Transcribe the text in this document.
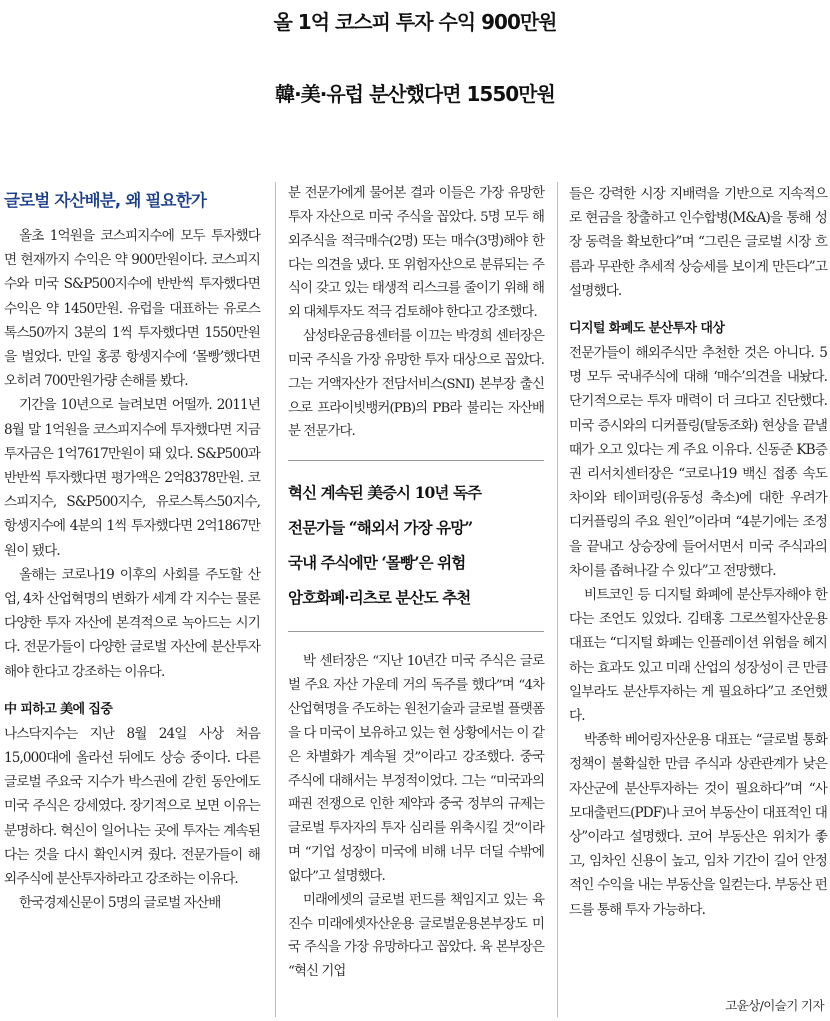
올 1억 코스피 투자 수익 900만원
韓·美·유럽 분산했다면 1550만원
글로벌 자산배분, 왜 필요한가

올초 1억원을 코스피지수에 모두 투자했다면 현재까지 수익은 약 900만원이다. 코스피지수와 미국 S&P500지수에 반반씩 투자했다면 수익은 약 1450만원. 유럽을 대표하는 유로스톡스50까지 3분의 1씩 투자했다면 1550만원을 벌었다. 만일 홍콩 항셍지수에 ‘몰빵’했다면 오히려 700만원가량 손해를 봤다.

기간을 10년으로 늘려보면 어떨까. 2011년 8월 말 1억원을 코스피지수에 투자했다면 지금 투자금은 1억7617만원이 돼 있다. S&P500과 반반씩 투자했다면 평가액은 2억8378만원. 코스피지수, S&P500지수, 유로스톡스50지수, 항셍지수에 4분의 1씩 투자했다면 2억1867만원이 됐다.

올해는 코로나19 이후의 사회를 주도할 산업, 4차 산업혁명의 변화가 세계 각 지수는 물론 다양한 투자 자산에 본격적으로 녹아드는 시기다. 전문가들이 다양한 글로벌 자산에 분산투자해야 한다고 강조하는 이유다.

中 피하고 美에 집중

나스닥지수는 지난 8월 24일 사상 처음 15,000대에 올라선 뒤에도 상승 중이다. 다른 글로벌 주요국 지수가 박스권에 갇힌 동안에도 미국 주식은 강세였다. 장기적으로 보면 이유는 분명하다. 혁신이 일어나는 곳에 투자는 계속된다는 것을 다시 확인시켜 줬다. 전문가들이 해외주식에 분산투자하라고 강조하는 이유다.

한국경제신문이 5명의 글로벌 자산배

분 전문가에게 물어본 결과 이들은 가장 유망한 투자 자산으로 미국 주식을 꼽았다. 5명 모두 해외주식을 적극매수(2명) 또는 매수(3명)해야 한다는 의견을 냈다. 또 위험자산으로 분류되는 주식이 갖고 있는 태생적 리스크를 줄이기 위해 해외 대체투자도 적극 검토해야 한다고 강조했다.

삼성타운금융센터를 이끄는 박경희 센터장은 미국 주식을 가장 유망한 투자 대상으로 꼽았다. 그는 거액자산가 전담서비스(SNI) 본부장 출신으로 프라이빗뱅커(PB)의 PB라 불리는 자산배분 전문가다.

혁신 계속된 美증시 10년 독주
전문가들 “해외서 가장 유망”
국내 주식에만 ‘몰빵’은 위험
암호화폐·리츠로 분산도 추천

박 센터장은 “지난 10년간 미국 주식은 글로벌 주요 자산 가운데 거의 독주를 했다”며 “4차 산업혁명을 주도하는 원천기술과 글로벌 플랫폼을 다 미국이 보유하고 있는 현 상황에서는 이 같은 차별화가 계속될 것”이라고 강조했다. 중국 주식에 대해서는 부정적이었다. 그는 “미국과의 패권 전쟁으로 인한 제약과 중국 정부의 규제는 글로벌 투자자의 투자 심리를 위축시킬 것”이라며 “기업 성장이 미국에 비해 너무 더딜 수밖에 없다”고 설명했다.

미래에셋의 글로벌 펀드를 책임지고 있는 육진수 미래에셋자산운용 글로벌운용본부장도 미국 주식을 가장 유망하다고 꼽았다. 육 본부장은 “혁신 기업

들은 강력한 시장 지배력을 기반으로 지속적으로 현금을 창출하고 인수합병(M&A)을 통해 성장 동력을 확보한다”며 “그린은 글로벌 시장 흐름과 무관한 추세적 상승세를 보이게 만든다”고 설명했다.

디지털 화폐도 분산투자 대상

전문가들이 해외주식만 추천한 것은 아니다. 5명 모두 국내주식에 대해 ‘매수’의견을 내놨다. 단기적으로는 투자 매력이 더 크다고 진단했다. 미국 증시와의 디커플링(탈동조화) 현상을 끝낼 때가 오고 있다는 게 주요 이유다. 신동준 KB증권 리서치센터장은 “코로나19 백신 접종 속도 차이와 테이퍼링(유동성 축소)에 대한 우려가 디커플링의 주요 원인”이라며 “4분기에는 조정을 끝내고 상승장에 들어서면서 미국 주식과의 차이를 좁혀나갈 수 있다”고 전망했다.

비트코인 등 디지털 화폐에 분산투자해야 한다는 조언도 있었다. 김태홍 그로쓰힐자산운용 대표는 “디지털 화폐는 인플레이션 위험을 헤지하는 효과도 있고 미래 산업의 성장성이 큰 만큼 일부라도 분산투자하는 게 필요하다”고 조언했다.

박종학 베어링자산운용 대표는 “글로벌 통화정책이 불확실한 만큼 주식과 상관관계가 낮은 자산군에 분산투자하는 것이 필요하다”며 “사모대출펀드(PDF)나 코어 부동산이 대표적인 대상”이라고 설명했다. 코어 부동산은 위치가 좋고, 임차인 신용이 높고, 임차 기간이 길어 안정적인 수익을 내는 부동산을 일컫는다. 부동산 펀드를 통해 투자 가능하다.

고윤상/이슬기 기자
